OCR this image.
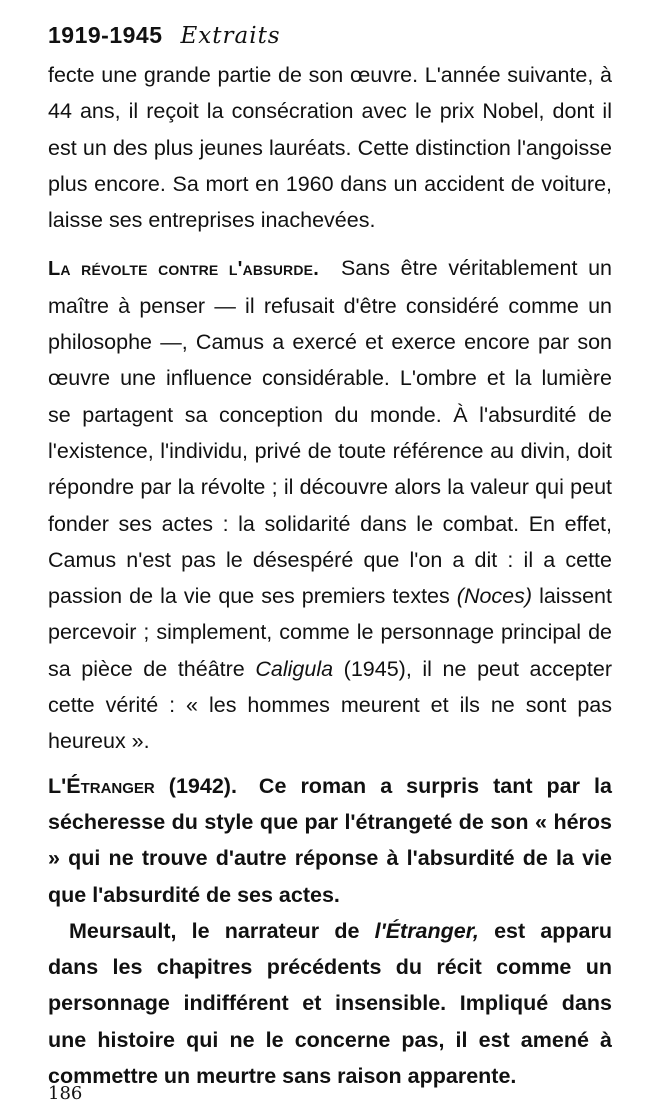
1919-1945 Extraits

fecte une grande partie de son œuvre. L'année suivante, à 44 ans, il reçoit la consécration avec le prix Nobel, dont il est un des plus jeunes lauréats. Cette distinction l'angoisse plus encore. Sa mort en 1960 dans un accident de voiture, laisse ses entreprises inachevées.

La révolte contre l'absurde. Sans être véritablement un maître à penser — il refusait d'être considéré comme un philosophe —, Camus a exercé et exerce encore par son œuvre une influence considérable. L'ombre et la lumière se partagent sa conception du monde. À l'absurdité de l'existence, l'individu, privé de toute référence au divin, doit répondre par la révolte ; il découvre alors la valeur qui peut fonder ses actes : la solidarité dans le combat. En effet, Camus n'est pas le désespéré que l'on a dit : il a cette passion de la vie que ses premiers textes (Noces) laissent percevoir ; simplement, comme le personnage principal de sa pièce de théâtre Caligula (1945), il ne peut accepter cette vérité : « les hommes meurent et ils ne sont pas heureux ».

L'Étranger (1942). Ce roman a surpris tant par la sécheresse du style que par l'étrangeté de son « héros » qui ne trouve d'autre réponse à l'absurdité de la vie que l'absurdité de ses actes.

Meursault, le narrateur de l'Étranger, est apparu dans les chapitres précédents du récit comme un personnage indifférent et insensible. Impliqué dans une histoire qui ne le concerne pas, il est amené à commettre un meurtre sans raison apparente.

186
